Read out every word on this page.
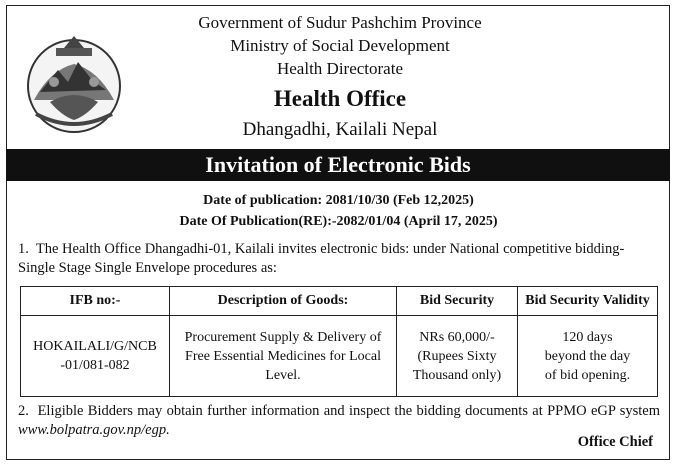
Government of Sudur Pashchim Province
Ministry of Social Development
Health Directorate
Health Office
Dhangadhi, Kailali Nepal
Invitation of Electronic Bids
Date of publication: 2081/10/30 (Feb 12,2025)
Date Of Publication(RE):-2082/01/04 (April 17, 2025)
1. The Health Office Dhangadhi-01, Kailali invites electronic bids: under National competitive bidding- Single Stage Single Envelope procedures as:
IFB no:-	Description of Goods:	Bid Security	Bid Security Validity
HOKAILALI/G/NCB-01/081-082	Procurement Supply & Delivery of Free Essential Medicines for Local Level.	NRs 60,000/- (Rupees Sixty Thousand only)	120 days beyond the day of bid opening.
2. Eligible Bidders may obtain further information and inspect the bidding documents at PPMO eGP system www.bolpatra.gov.np/egp.
Office Chief
